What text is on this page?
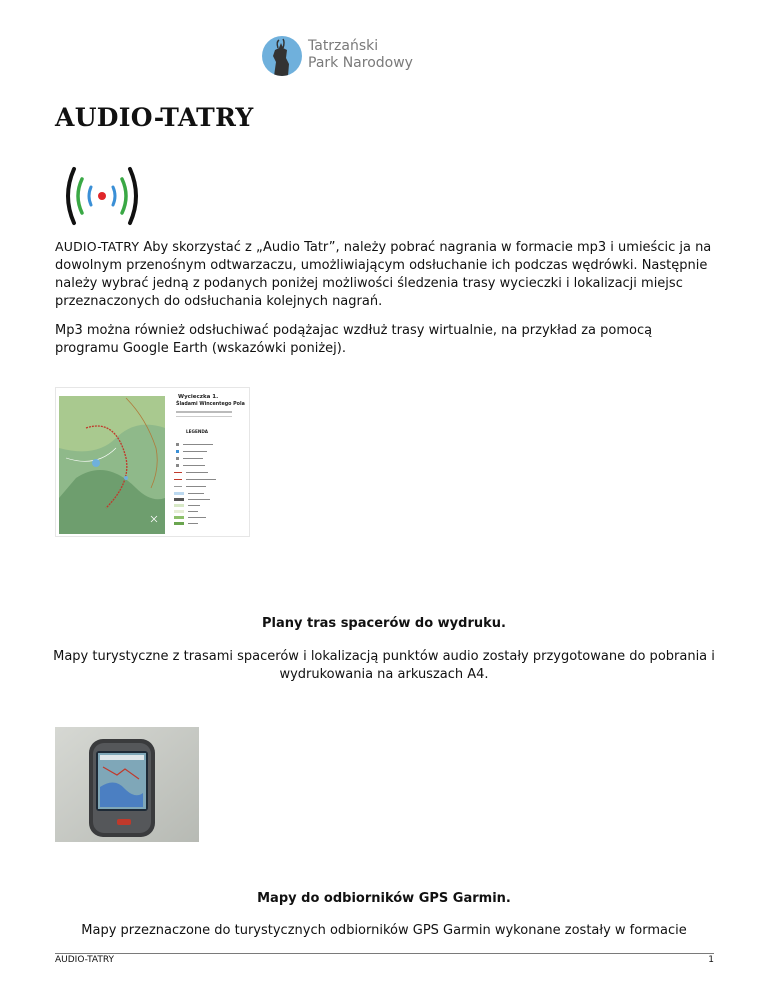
Tatrzański
Park Narodowy
AUDIO-TATRY
AUDIO-TATRY Aby skorzystać z „Audio Tatr”, należy pobrać nagrania w formacie mp3 i umieścic ja na dowolnym przenośnym odtwarzaczu, umożliwiającym odsłuchanie ich podczas wędrówki. Następnie należy wybrać jedną z podanych poniżej możliwości śledzenia trasy wycieczki i lokalizacji miejsc przeznaczonych do odsłuchania kolejnych nagrań.
Mp3 można również odsłuchiwać podążajac wzdłuż trasy wirtualnie, na przykład za pomocą programu Google Earth (wskazówki poniżej).
Wycieczka 1.
Śladami Wincentego Pola
LEGENDA
Plany tras spacerów do wydruku.
Mapy turystyczne z trasami spacerów i lokalizacją punktów audio zostały przygotowane do pobrania i wydrukowania na arkuszach A4.
Mapy do odbiorników GPS Garmin.
Mapy przeznaczone do turystycznych odbiorników GPS Garmin wykonane zostały w formacie
AUDIO-TATRY	1
